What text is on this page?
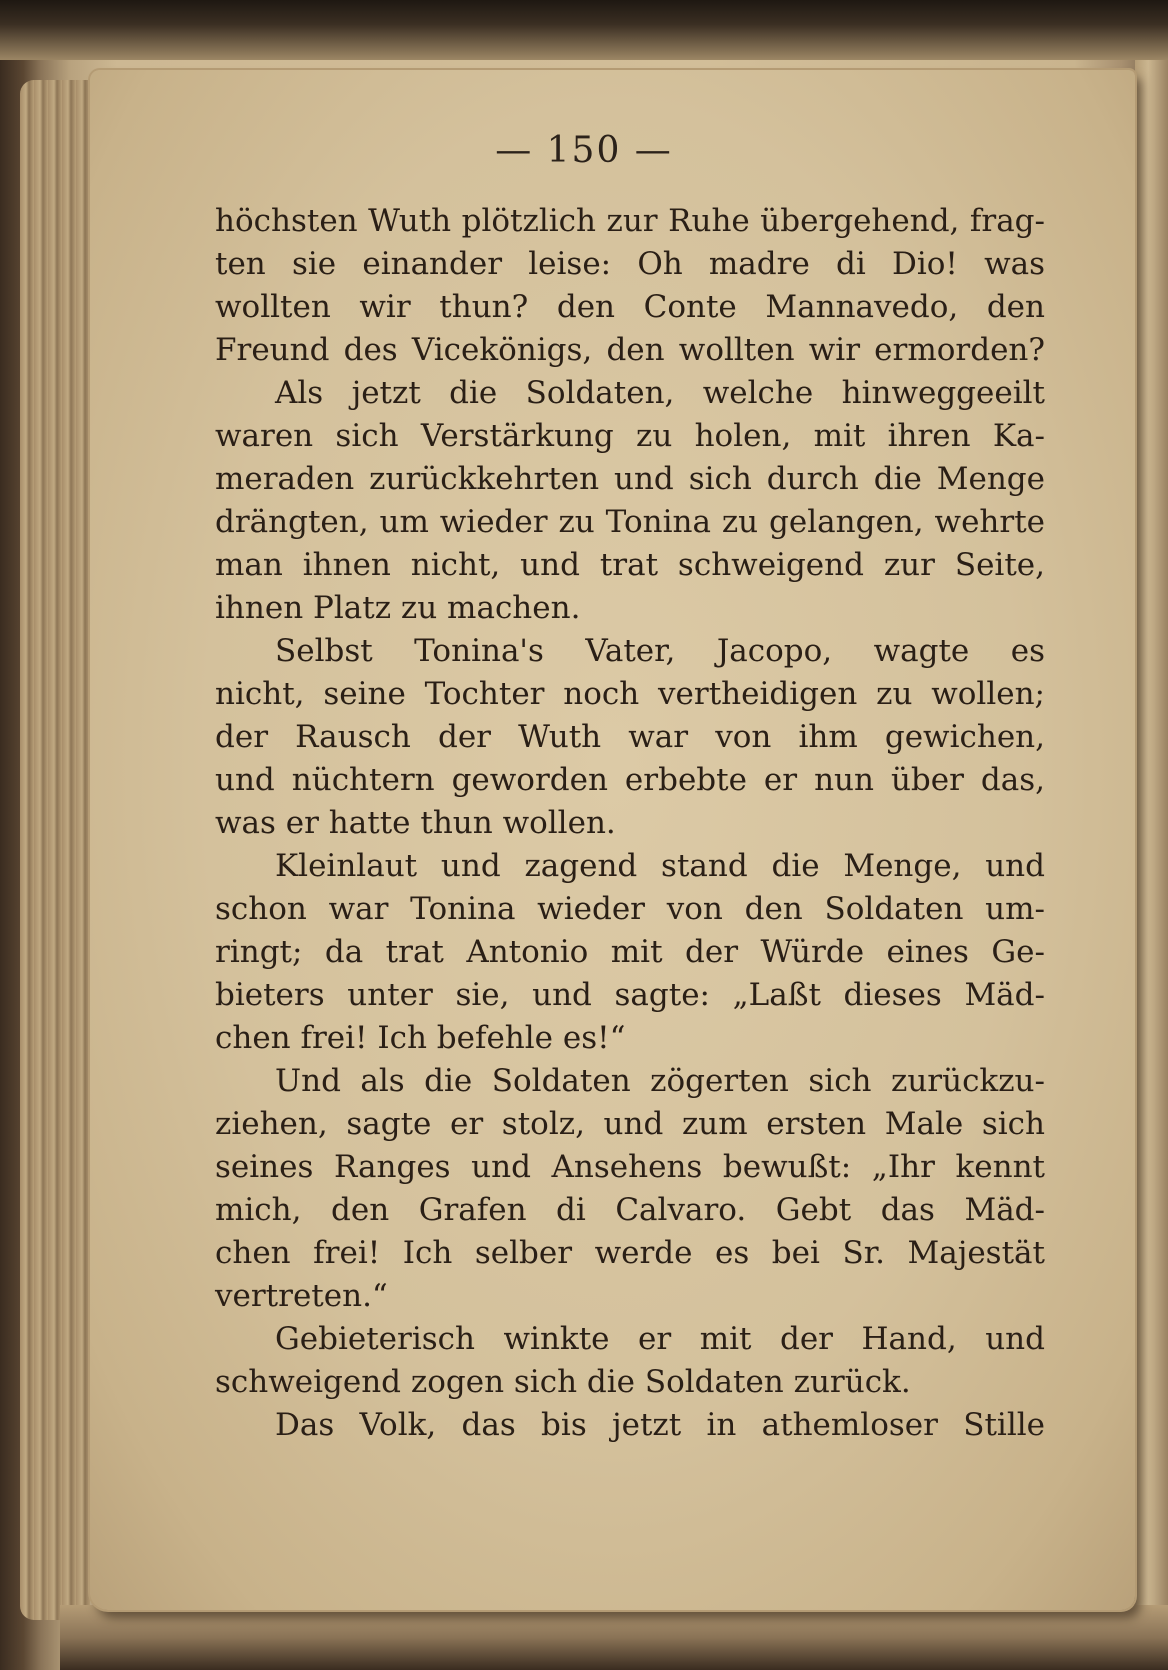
— 150 —
höchsten Wuth plötzlich zur Ruhe übergehend, frag-
ten sie einander leise: Oh madre di Dio! was
wollten wir thun? den Conte Mannavedo, den
Freund des Vicekönigs, den wollten wir ermorden?
Als jetzt die Soldaten, welche hinweggeeilt
waren sich Verstärkung zu holen, mit ihren Ka-
meraden zurückkehrten und sich durch die Menge
drängten, um wieder zu Tonina zu gelangen, wehrte
man ihnen nicht, und trat schweigend zur Seite,
ihnen Platz zu machen.
Selbst Tonina's Vater, Jacopo, wagte es
nicht, seine Tochter noch vertheidigen zu wollen;
der Rausch der Wuth war von ihm gewichen,
und nüchtern geworden erbebte er nun über das,
was er hatte thun wollen.
Kleinlaut und zagend stand die Menge, und
schon war Tonina wieder von den Soldaten um-
ringt; da trat Antonio mit der Würde eines Ge-
bieters unter sie, und sagte: „Laßt dieses Mäd-
chen frei! Ich befehle es!“
Und als die Soldaten zögerten sich zurückzu-
ziehen, sagte er stolz, und zum ersten Male sich
seines Ranges und Ansehens bewußt: „Ihr kennt
mich, den Grafen di Calvaro. Gebt das Mäd-
chen frei! Ich selber werde es bei Sr. Majestät
vertreten.“
Gebieterisch winkte er mit der Hand, und
schweigend zogen sich die Soldaten zurück.
Das Volk, das bis jetzt in athemloser Stille
